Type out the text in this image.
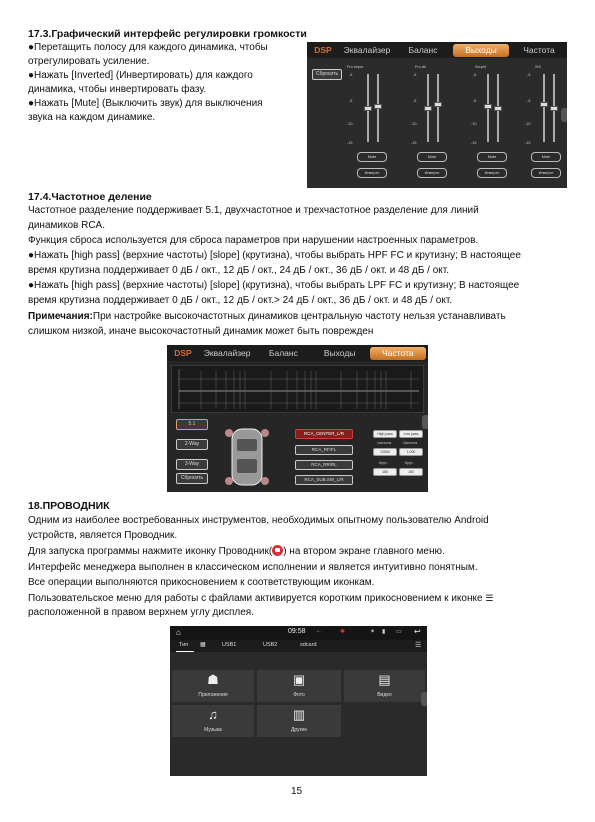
17.3.Графический интерфейс регулировки громкости
●Перетащить полосу для каждого динамика, чтобы
отрегулировать усиление.
●Нажать [Inverted] (Инвертировать) для каждого
динамика, чтобы инвертировать фазу.
●Нажать [Mute] (Выключить звук) для выключения
звука на каждом динамике.
DSP	Эквалайзер	Баланс	Выходы	Частота
Сбросить
Fro.lmpor
-5
-5
-10
-15
Mute
Инвертн
Fro.rth
-5
-5
-10
-15
Mute
Инвертн
Srcpht
-5
-5
-10
-15
Mute
Инвертн
Sril
-5
-5
-10
-15
Mute
Инвертн
17.4.Частотное деление
Частотное разделение поддерживает 5.1, двухчастотное и трехчастотное разделение для линий
динамиков RCA.
Функция сброса используется для сброса параметров при нарушении настроенных параметров.
●Нажать [high pass] (верхние частоты) [slope] (крутизна), чтобы выбрать HPF FC и крутизну; В настоящее
время крутизна поддерживает 0 дБ / окт., 12 дБ / окт., 24 дБ / окт., 36 дБ / окт. и 48 дБ / окт.
●Нажать [high pass] (верхние частоты) [slope] (крутизна), чтобы выбрать LPF FC и крутизну; В настоящее
время крутизна поддерживает 0 дБ / окт., 12 дБ / окт.> 24 дБ / окт., 36 дБ / окт. и 48 дБ / окт.
Примечания:При настройке высокочастотных динамиков центральную частоту нельзя устанавливать
слишком низкой, иначе высокочастотный динамик может быть поврежден
DSP	Эквалайзер	Баланс	Выходы	Частота
5.1
2-Way
3-Way
Сбросить
RCA_CENTER_L/R
RCA_RF/FL
RCA_RR/RL
RCA_SUB.SW_L/R
High pass	Low pass
Частота	Частота
12500	1,000
Крут.	Крут.
180	180
18.ПРОВОДНИК
Одним из наиболее востребованных инструментов, необходимых опытному пользователю Android
устройств, является Проводник.
Для запуска программы нажмите иконку Проводник( ) на втором экране главного меню.
Интерфейс менеджера выполнен в классическом исполнении и является интуитивно понятным.
Все операции выполняются прикосновением к соответствующим иконкам.
Пользовательское меню для работы с файлами активируется коротким прикосновением к иконке ☰
расположенной в правом верхнем углу дисплея.
⌂	09:58 ←	✱	✶ ▮ ▭ ↩
Тип ▦	USB1	USB2	sdcard	☰
☗
Приложения
▣
Фото
▤
Видео
♫
Музыка
▥
Другие
15
